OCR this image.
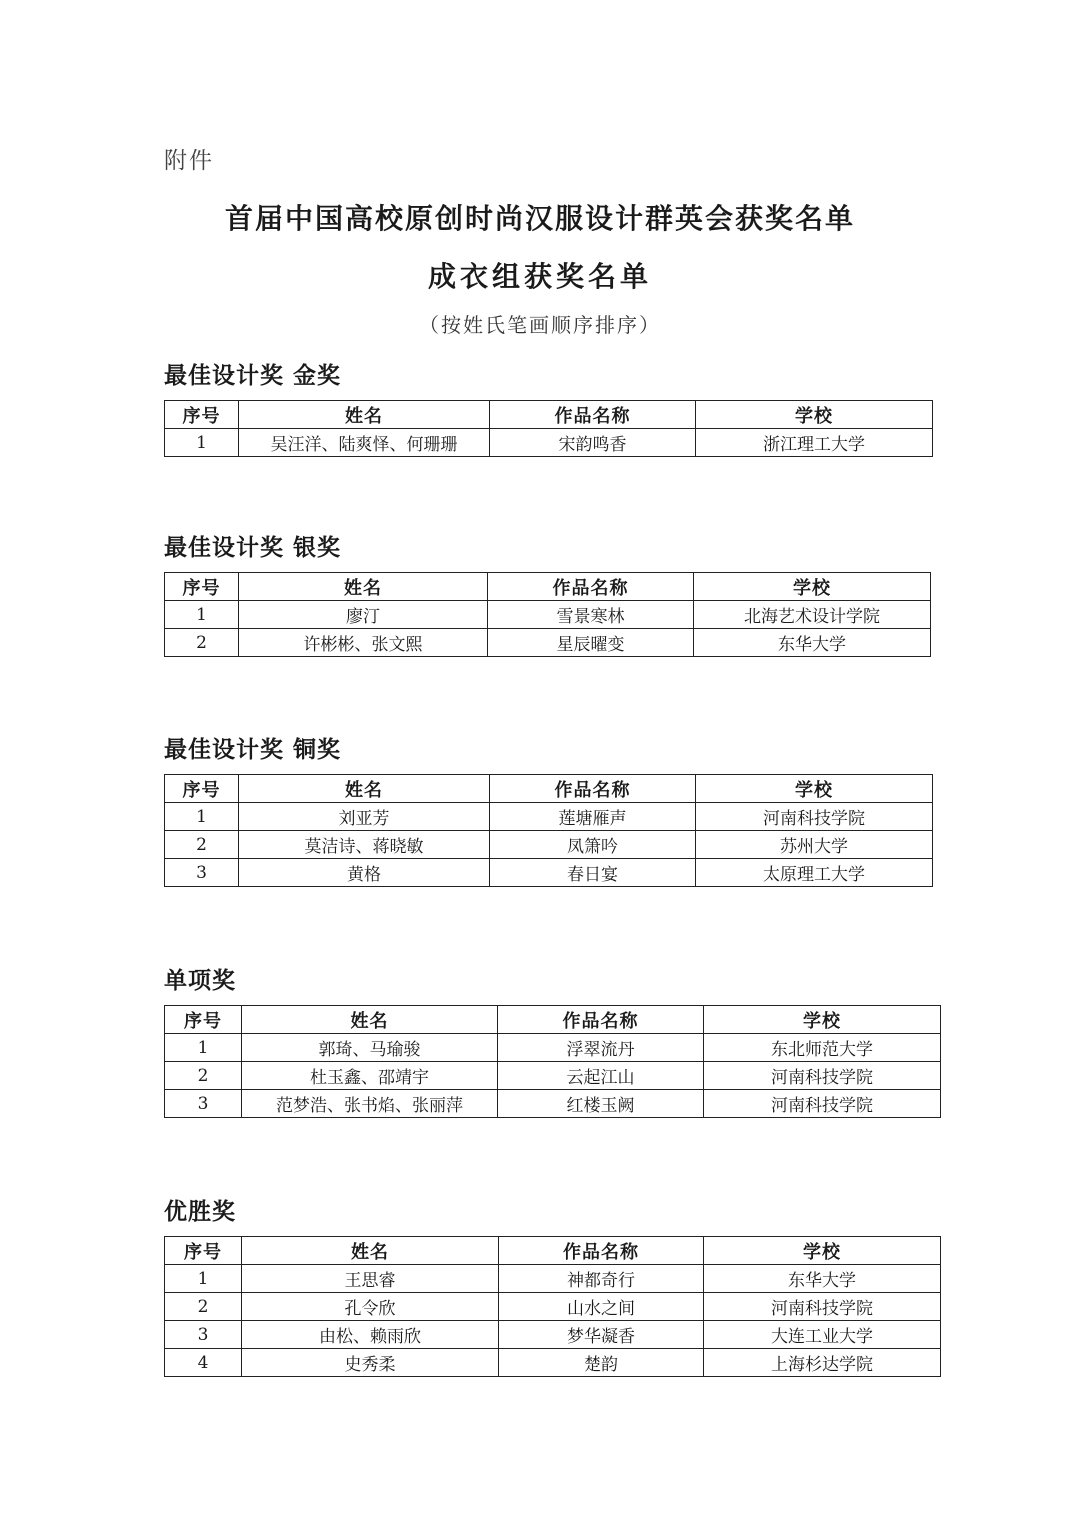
附件
首届中国高校原创时尚汉服设计群英会获奖名单
成衣组获奖名单
（按姓氏笔画顺序排序）
最佳设计奖 金奖
序号	姓名	作品名称	学校
1	吴汪洋、陆爽怿、何珊珊	宋韵鸣香	浙江理工大学
最佳设计奖 银奖
序号	姓名	作品名称	学校
1	廖汀	雪景寒林	北海艺术设计学院
2	许彬彬、张文熙	星辰曜变	东华大学
最佳设计奖 铜奖
序号	姓名	作品名称	学校
1	刘亚芳	莲塘雁声	河南科技学院
2	莫洁诗、蒋晓敏	凤箫吟	苏州大学
3	黄格	春日宴	太原理工大学
单项奖
序号	姓名	作品名称	学校
1	郭琦、马瑜骏	浮翠流丹	东北师范大学
2	杜玉鑫、邵靖宇	云起江山	河南科技学院
3	范梦浩、张书焰、张丽萍	红楼玉阙	河南科技学院
优胜奖
序号	姓名	作品名称	学校
1	王思睿	神都奇行	东华大学
2	孔令欣	山水之间	河南科技学院
3	由松、赖雨欣	梦华凝香	大连工业大学
4	史秀柔	楚韵	上海杉达学院
